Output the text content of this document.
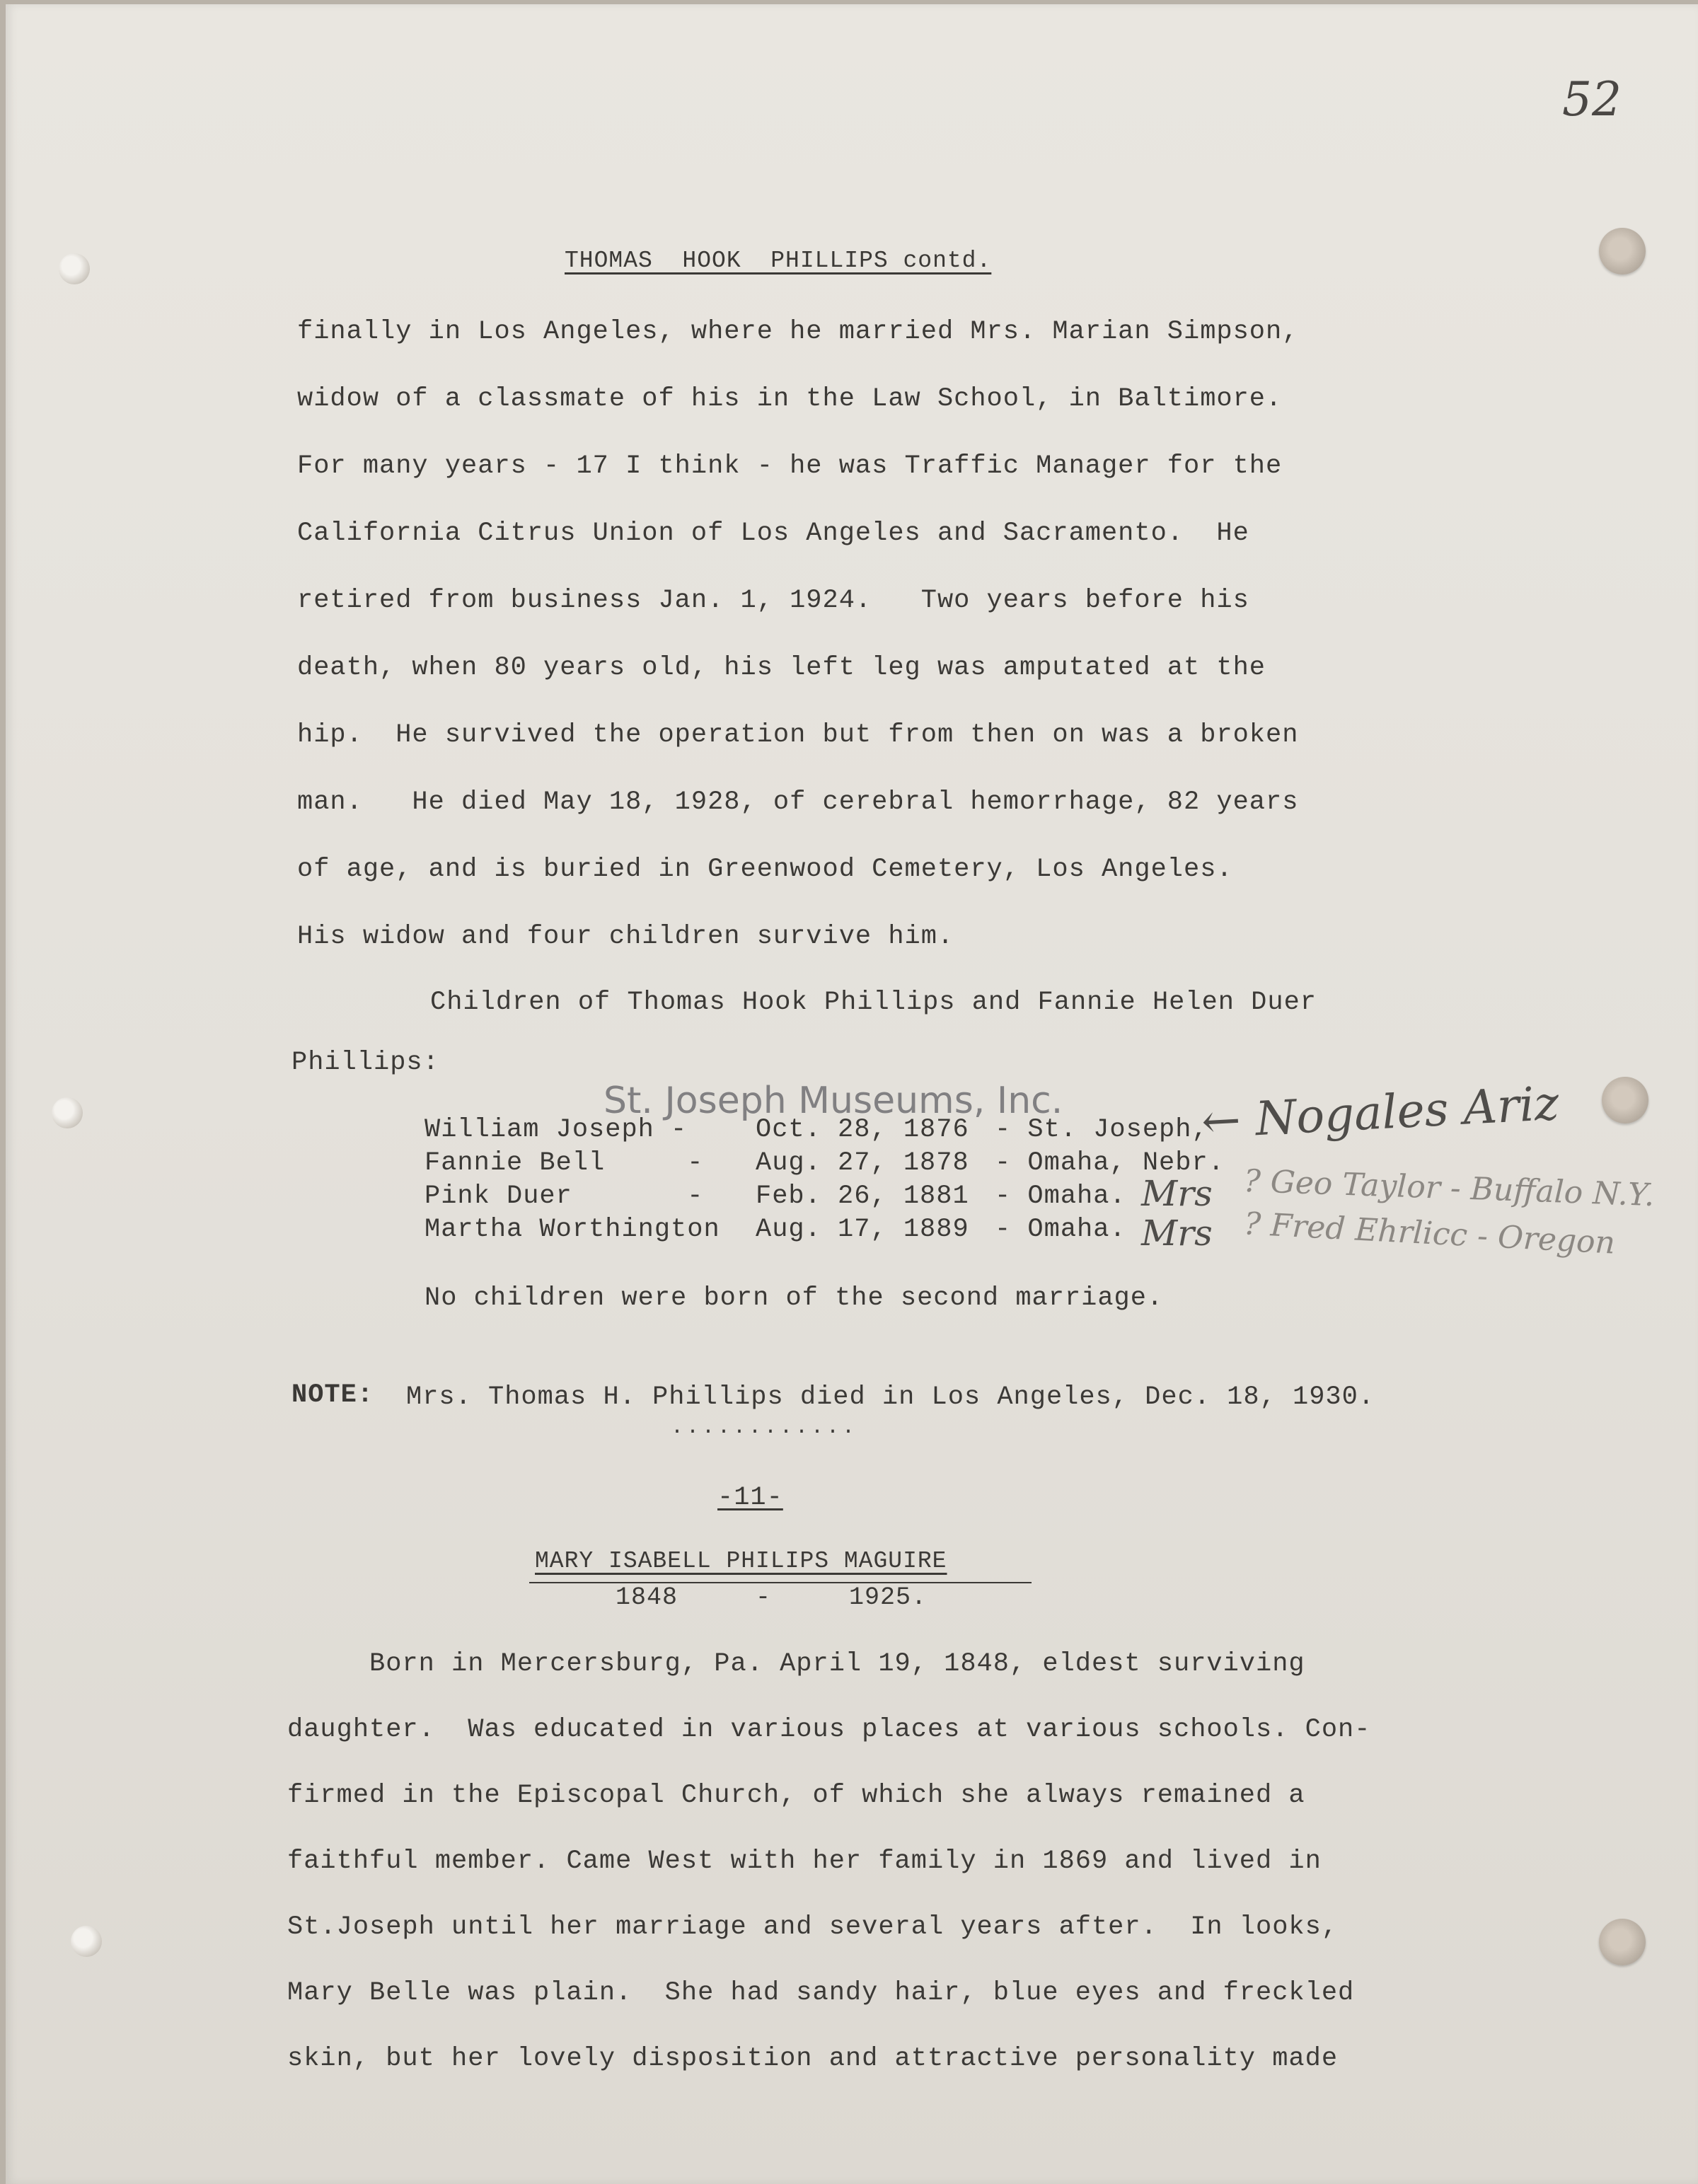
52
THOMAS  HOOK  PHILLIPS contd.
finally in Los Angeles, where he married Mrs. Marian Simpson,
widow of a classmate of his in the Law School, in Baltimore.
For many years - 17 I think - he was Traffic Manager for the
California Citrus Union of Los Angeles and Sacramento.  He
retired from business Jan. 1, 1924.   Two years before his
death, when 80 years old, his left leg was amputated at the
hip.  He survived the operation but from then on was a broken
man.   He died May 18, 1928, of cerebral hemorrhage, 82 years
of age, and is buried in Greenwood Cemetery, Los Angeles.
His widow and four children survive him.
Children of Thomas Hook Phillips and Fannie Helen Duer
Phillips:
St. Joseph Museums, Inc.
William Joseph -	Oct. 28, 1876 - St. Joseph,
Fannie Bell     - Aug. 27, 1878 - Omaha, Nebr.
Pink Duer       - Feb. 26, 1881 - Omaha.
Martha Worthington Aug. 17, 1889 - Omaha.
← Nogales Ariz
Mrs ? Geo Taylor - Buffalo N.Y.
Mrs ? Fred Ehrlicc - Oregon
No children were born of the second marriage.
NOTE: Mrs. Thomas H. Phillips died in Los Angeles, Dec. 18, 1930.
............
-11-
MARY ISABELL PHILIPS MAGUIRE
1848     -     1925.
Born in Mercersburg, Pa. April 19, 1848, eldest surviving
daughter.  Was educated in various places at various schools. Con-
firmed in the Episcopal Church, of which she always remained a
faithful member. Came West with her family in 1869 and lived in
St.Joseph until her marriage and several years after.  In looks,
Mary Belle was plain.  She had sandy hair, blue eyes and freckled
skin, but her lovely disposition and attractive personality made
